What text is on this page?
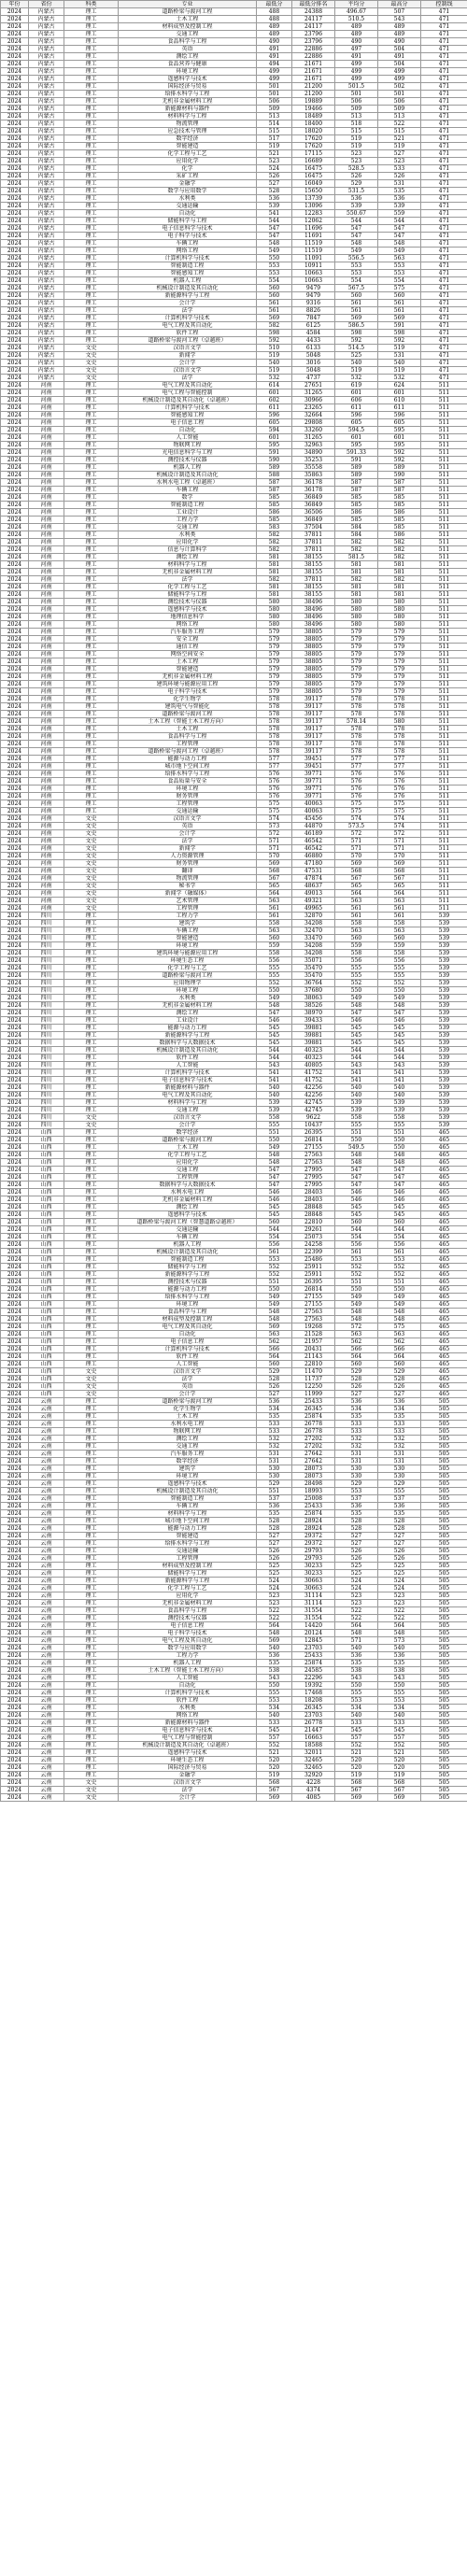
年份	省份	科类	专业	最低分	最低分排名	平均分	最高分	控制线
2024	内蒙古	理工	道路桥梁与渡河工程	488	24388	496.67	507	471
2024	内蒙古	理工	土木工程	488	24117	510.5	543	471
2024	内蒙古	理工	材料成型及控制工程	489	24117	489	489	471
2024	内蒙古	理工	交通工程	489	23796	489	489	471
2024	内蒙古	理工	食品科学与工程	490	23796	490	490	471
2024	内蒙古	理工	英语	491	22886	497	504	471
2024	内蒙古	理工	测绘工程	491	22886	491	491	471
2024	内蒙古	理工	食品营养与健康	494	21671	499	504	471
2024	内蒙古	理工	环境工程	499	21671	499	499	471
2024	内蒙古	理工	遥感科学与技术	499	21671	499	499	471
2024	内蒙古	理工	国际经济与贸易	501	21200	501.5	502	471
2024	内蒙古	理工	给排水科学与工程	501	21200	501	501	471
2024	内蒙古	理工	无机非金属材料工程	506	19889	506	506	471
2024	内蒙古	理工	新能源材料与器件	509	19466	509	509	471
2024	内蒙古	理工	材料科学与工程	513	18489	513	513	471
2024	内蒙古	理工	物流管理	514	18400	518	522	471
2024	内蒙古	理工	应急技术与管理	515	18020	515	515	471
2024	内蒙古	理工	数字经济	517	17620	519	521	471
2024	内蒙古	理工	智能建造	519	17620	519	519	471
2024	内蒙古	理工	化学工程与工艺	521	17115	523	527	471
2024	内蒙古	理工	应用化学	523	16689	523	523	471
2024	内蒙古	理工	化学	524	16475	528.5	533	471
2024	内蒙古	理工	采矿工程	526	16475	526	526	471
2024	内蒙古	理工	金融学	527	16049	529	531	471
2024	内蒙古	理工	数学与应用数学	528	15650	531.5	535	471
2024	内蒙古	理工	水利类	536	13739	536	536	471
2024	内蒙古	理工	交通运输	539	13096	539	539	471
2024	内蒙古	理工	自动化	541	12283	550.67	559	471
2024	内蒙古	理工	储能科学与工程	544	12062	544	544	471
2024	内蒙古	理工	电子信息科学与技术	547	11696	547	547	471
2024	内蒙古	理工	电子科学与技术	547	11691	547	547	471
2024	内蒙古	理工	车辆工程	548	11519	548	548	471
2024	内蒙古	理工	网络工程	549	11519	549	549	471
2024	内蒙古	理工	计算机科学与技术	550	11091	556.5	563	471
2024	内蒙古	理工	智能制造工程	553	10911	553	553	471
2024	内蒙古	理工	智能感知工程	553	10663	553	553	471
2024	内蒙古	理工	机器人工程	554	10663	554	554	471
2024	内蒙古	理工	机械设计制造及其自动化	560	9479	567.5	575	471
2024	内蒙古	理工	新能源科学与工程	560	9479	560	560	471
2024	内蒙古	理工	会计学	561	9316	561	561	471
2024	内蒙古	理工	法学	561	8826	561	561	471
2024	内蒙古	理工	计算机科学与技术	569	7847	569	569	471
2024	内蒙古	理工	电气工程及其自动化	582	6125	586.5	591	471
2024	内蒙古	理工	软件工程	598	4584	598	598	471
2024	内蒙古	理工	道路桥梁与渡河工程（卓越班）	592	4433	592	592	471
2024	内蒙古	文史	汉语言文学	510	6133	514.5	519	471
2024	内蒙古	文史	新闻学	519	5048	525	531	471
2024	内蒙古	文史	会计学	540	3016	540	540	471
2024	内蒙古	文史	汉语言文学	519	5048	519	519	471
2024	内蒙古	文史	法学	532	4737	532	532	471
2024	河南	理工	电气工程及其自动化	614	27651	619	624	511
2024	河南	理工	电气工程与智能控制	601	31265	601	601	511
2024	河南	理工	机械设计制造及其自动化（卓越班）	602	30966	606	610	511
2024	河南	理工	计算机科学与技术	611	23265	611	611	511
2024	河南	理工	智能感知工程	596	32664	596	596	511
2024	河南	理工	电子信息工程	605	29808	605	605	511
2024	河南	理工	自动化	594	33260	594.5	595	511
2024	河南	理工	人工智能	601	31265	601	601	511
2024	河南	理工	物联网工程	595	32963	595	595	511
2024	河南	理工	光电信息科学与工程	591	34890	591.33	592	511
2024	河南	理工	测控技术与仪器	590	35253	591	592	511
2024	河南	理工	机器人工程	589	35558	589	589	511
2024	河南	理工	机械设计制造及其自动化	588	35863	589	590	511
2024	河南	理工	水利水电工程（卓越班）	587	36178	587	587	511
2024	河南	理工	车辆工程	587	36178	587	587	511
2024	河南	理工	数学	585	36849	585	585	511
2024	河南	理工	智能制造工程	585	36849	585	585	511
2024	河南	理工	工业设计	586	36506	586	586	511
2024	河南	理工	工程力学	585	36849	585	585	511
2024	河南	理工	交通工程	583	37504	584	585	511
2024	河南	理工	水利类	582	37811	584	586	511
2024	河南	理工	应用化学	582	37811	582	582	511
2024	河南	理工	信息与计算科学	582	37811	582	582	511
2024	河南	理工	测绘工程	581	38155	581.5	582	511
2024	河南	理工	材料科学与工程	581	38155	581	581	511
2024	河南	理工	无机非金属材料工程	581	38155	581	581	511
2024	河南	理工	法学	582	37811	582	582	511
2024	河南	理工	化学工程与工艺	581	38155	581	581	511
2024	河南	理工	储能科学与工程	581	38155	581	581	511
2024	河南	理工	测绘技术与仪器	580	38496	580	580	511
2024	河南	理工	遥感科学与技术	580	38496	580	580	511
2024	河南	理工	地理信息科学	580	38496	580	580	511
2024	河南	理工	网络工程	580	38496	580	580	511
2024	河南	理工	汽车服务工程	579	38805	579	579	511
2024	河南	理工	安全工程	579	38805	579	579	511
2024	河南	理工	通信工程	579	38805	579	579	511
2024	河南	理工	网络空间安全	579	38805	579	579	511
2024	河南	理工	土木工程	579	38805	579	579	511
2024	河南	理工	智能建造	579	38805	579	579	511
2024	河南	理工	无机非金属材料工程	579	38805	579	579	511
2024	河南	理工	建筑环境与能源应用工程	579	38805	579	579	511
2024	河南	理工	电子科学与技术	579	38805	579	579	511
2024	河南	理工	化学生物学	578	39117	578	578	511
2024	河南	理工	建筑电气与智能化	578	39117	578	578	511
2024	河南	理工	道路桥梁与渡河工程	578	39117	578	578	511
2024	河南	理工	土木工程（智能土木工程方向）	578	39117	578.14	580	511
2024	河南	理工	土木工程	578	39117	578	578	511
2024	河南	理工	食品科学与工程	578	39117	578	578	511
2024	河南	理工	工程管理	578	39117	578	578	511
2024	河南	理工	道路桥梁与渡河工程（卓越班）	578	39117	578	578	511
2024	河南	理工	能源与动力工程	577	39451	577	577	511
2024	河南	理工	城市地下空间工程	577	39451	577	577	511
2024	河南	理工	给排水科学与工程	576	39771	576	576	511
2024	河南	理工	食品质量与安全	576	39771	576	576	511
2024	河南	理工	环境工程	576	39771	576	576	511
2024	河南	理工	财务管理	576	39771	576	576	511
2024	河南	理工	工程管理	575	40063	575	575	511
2024	河南	理工	交通运输	575	40063	575	575	511
2024	河南	文史	汉语言文学	574	45456	574	574	511
2024	河南	文史	英语	573	44870	573.5	574	511
2024	河南	文史	会计学	572	46189	572	572	511
2024	河南	文史	法学	571	46542	571	571	511
2024	河南	文史	新闻学	571	46542	571	571	511
2024	河南	文史	人力资源管理	570	46880	570	570	511
2024	河南	文史	财务管理	569	47180	569	569	511
2024	河南	文史	翻译	568	47531	568	568	511
2024	河南	文史	物流管理	567	47874	567	567	511
2024	河南	文史	秘书学	565	48637	565	565	511
2024	河南	文史	新闻学（融媒体）	564	49013	564	564	511
2024	河南	文史	艺术管理	563	49321	563	563	511
2024	河南	文史	工程管理	561	49965	561	561	511
2024	四川	理工	工程力学	561	32870	561	561	539
2024	四川	理工	建筑学	558	34208	558	558	539
2024	四川	理工	车辆工程	563	32470	563	563	539
2024	四川	理工	智能建造	560	33470	560	560	539
2024	四川	理工	环境工程	559	34208	559	559	539
2024	四川	理工	建筑环境与能源应用工程	558	34208	558	558	539
2024	四川	理工	环境生态工程	556	35071	556	556	539
2024	四川	理工	化学工程与工艺	555	35470	555	555	539
2024	四川	理工	道路桥梁与渡河工程	555	35470	555	555	539
2024	四川	理工	应用物理学	552	36764	552	552	539
2024	四川	理工	环境工程	550	37680	550	550	539
2024	四川	理工	水利类	549	38063	549	549	539
2024	四川	理工	无机非金属材料工程	548	38526	548	548	539
2024	四川	理工	测绘工程	547	38970	547	547	539
2024	四川	理工	工业设计	546	39433	546	546	539
2024	四川	理工	能源与动力工程	545	39881	545	545	539
2024	四川	理工	新能源科学与工程	545	39881	545	545	539
2024	四川	理工	数据科学与大数据技术	545	39881	545	545	539
2024	四川	理工	机械设计制造及其自动化	544	40323	544	544	539
2024	四川	理工	软件工程	544	40323	544	544	539
2024	四川	理工	人工智能	543	40805	543	543	539
2024	四川	理工	计算机科学与技术	541	41752	541	541	539
2024	四川	理工	电子信息科学与技术	541	41752	541	541	539
2024	四川	理工	新能源材料与器件	540	42256	540	540	539
2024	四川	理工	电气工程及其自动化	540	42256	540	540	539
2024	四川	理工	材料科学与工程	539	42745	539	539	539
2024	四川	理工	交通工程	539	42745	539	539	539
2024	四川	文史	汉语言文学	558	9622	558	558	539
2024	四川	文史	会计学	555	10437	555	555	539
2024	山西	理工	数字经济	551	26395	551	551	465
2024	山西	理工	道路桥梁与渡河工程	550	26814	550	550	465
2024	山西	理工	土木工程	549	27155	549.5	550	465
2024	山西	理工	化学工程与工艺	548	27563	548	548	465
2024	山西	理工	应用化学	548	27563	548	548	465
2024	山西	理工	交通工程	547	27995	547	547	465
2024	山西	理工	工程管理	547	27995	547	547	465
2024	山西	理工	数据科学与大数据技术	547	27995	547	547	465
2024	山西	理工	水利水电工程	546	28403	546	546	465
2024	山西	理工	无机非金属材料工程	546	28403	546	546	465
2024	山西	理工	测绘工程	545	28848	545	545	465
2024	山西	理工	遥感科学与技术	545	28848	545	545	465
2024	山西	理工	道路桥梁与渡河工程（智慧道路卓越班）	560	22810	560	560	465
2024	山西	理工	交通运输	544	29261	544	544	465
2024	山西	理工	车辆工程	554	25073	554	554	465
2024	山西	理工	机器人工程	556	24258	556	556	465
2024	山西	理工	机械设计制造及其自动化	561	22399	561	561	465
2024	山西	理工	智能制造工程	553	25486	553	553	465
2024	山西	理工	储能科学与工程	552	25911	552	552	465
2024	山西	理工	新能源科学与工程	552	25911	552	552	465
2024	山西	理工	测控技术与仪器	551	26395	551	551	465
2024	山西	理工	能源与动力工程	550	26814	550	550	465
2024	山西	理工	给排水科学与工程	549	27155	549	549	465
2024	山西	理工	环境工程	549	27155	549	549	465
2024	山西	理工	食品科学与工程	548	27563	548	548	465
2024	山西	理工	材料成型及控制工程	548	27563	548	548	465
2024	山西	理工	电气工程及其自动化	569	19268	572	575	465
2024	山西	理工	自动化	563	21528	563	563	465
2024	山西	理工	电子信息工程	562	21957	562	562	465
2024	山西	理工	计算机科学与技术	566	20431	566	566	465
2024	山西	理工	软件工程	564	21143	564	564	465
2024	山西	理工	人工智能	560	22810	560	560	465
2024	山西	文史	汉语言文学	529	11470	529	529	465
2024	山西	文史	法学	528	11737	528	528	465
2024	山西	文史	英语	526	12250	526	526	465
2024	山西	文史	会计学	527	11999	527	527	465
2024	云南	理工	道路桥梁与渡河工程	536	25433	536	536	505
2024	云南	理工	化学生物学	534	26345	534	534	505
2024	云南	理工	土木工程	535	25874	535	535	505
2024	云南	理工	水利水电工程	533	26778	533	533	505
2024	云南	理工	物联网工程	533	26778	533	533	505
2024	云南	理工	测绘工程	532	27202	532	532	505
2024	云南	理工	交通工程	532	27202	532	532	505
2024	云南	理工	汽车服务工程	531	27642	531	531	505
2024	云南	理工	数字经济	531	27642	531	531	505
2024	云南	理工	建筑学	530	28073	530	530	505
2024	云南	理工	环境工程	530	28073	530	530	505
2024	云南	理工	遥感科学与技术	529	28498	529	529	505
2024	云南	理工	机械设计制造及其自动化	551	18993	553	555	505
2024	云南	理工	智能制造工程	537	25008	537	537	505
2024	云南	理工	车辆工程	536	25433	536	536	505
2024	云南	理工	材料科学与工程	535	25874	535	535	505
2024	云南	理工	城市地下空间工程	528	28924	528	528	505
2024	云南	理工	能源与动力工程	528	28924	528	528	505
2024	云南	理工	智能建造	527	29372	527	527	505
2024	云南	理工	给排水科学与工程	527	29372	527	527	505
2024	云南	理工	交通运输	526	29793	526	526	505
2024	云南	理工	工程管理	526	29793	526	526	505
2024	云南	理工	材料成型及控制工程	525	30233	525	525	505
2024	云南	理工	储能科学与工程	525	30233	525	525	505
2024	云南	理工	新能源科学与工程	524	30663	524	524	505
2024	云南	理工	化学工程与工艺	524	30663	524	524	505
2024	云南	理工	应用化学	523	31114	523	523	505
2024	云南	理工	无机非金属材料工程	523	31114	523	523	505
2024	云南	理工	食品科学与工程	522	31554	522	522	505
2024	云南	理工	测控技术与仪器	522	31554	522	522	505
2024	云南	理工	电子信息工程	564	14420	564	564	505
2024	云南	理工	电子科学与技术	548	20124	548	548	505
2024	云南	理工	电气工程及其自动化	569	12845	571	573	505
2024	云南	理工	数学与应用数学	540	23703	540	540	505
2024	云南	理工	工程力学	536	25433	536	536	505
2024	云南	理工	机器人工程	535	25874	535	535	505
2024	云南	理工	土木工程（智能土木工程方向）	538	24585	538	538	505
2024	云南	理工	人工智能	543	22296	543	543	505
2024	云南	理工	自动化	550	19392	550	550	505
2024	云南	理工	计算机科学与技术	555	17468	555	555	505
2024	云南	理工	软件工程	553	18208	553	553	505
2024	云南	理工	水利类	534	26345	534	534	505
2024	云南	理工	网络工程	540	23703	540	540	505
2024	云南	理工	新能源材料与器件	533	26778	533	533	505
2024	云南	理工	电子信息科学与技术	545	21447	545	545	505
2024	云南	理工	电气工程与智能控制	557	16663	557	557	505
2024	云南	理工	机械设计制造及其自动化（卓越班）	552	18588	552	552	505
2024	云南	理工	遥感科学与技术	521	32011	521	521	505
2024	云南	理工	环境生态工程	520	32465	520	520	505
2024	云南	理工	国际经济与贸易	520	32465	520	520	505
2024	云南	理工	金融学	519	32920	519	519	505
2024	云南	文史	汉语言文学	568	4228	568	568	505
2024	云南	文史	法学	567	4374	567	567	505
2024	云南	文史	会计学	569	4085	569	569	505
